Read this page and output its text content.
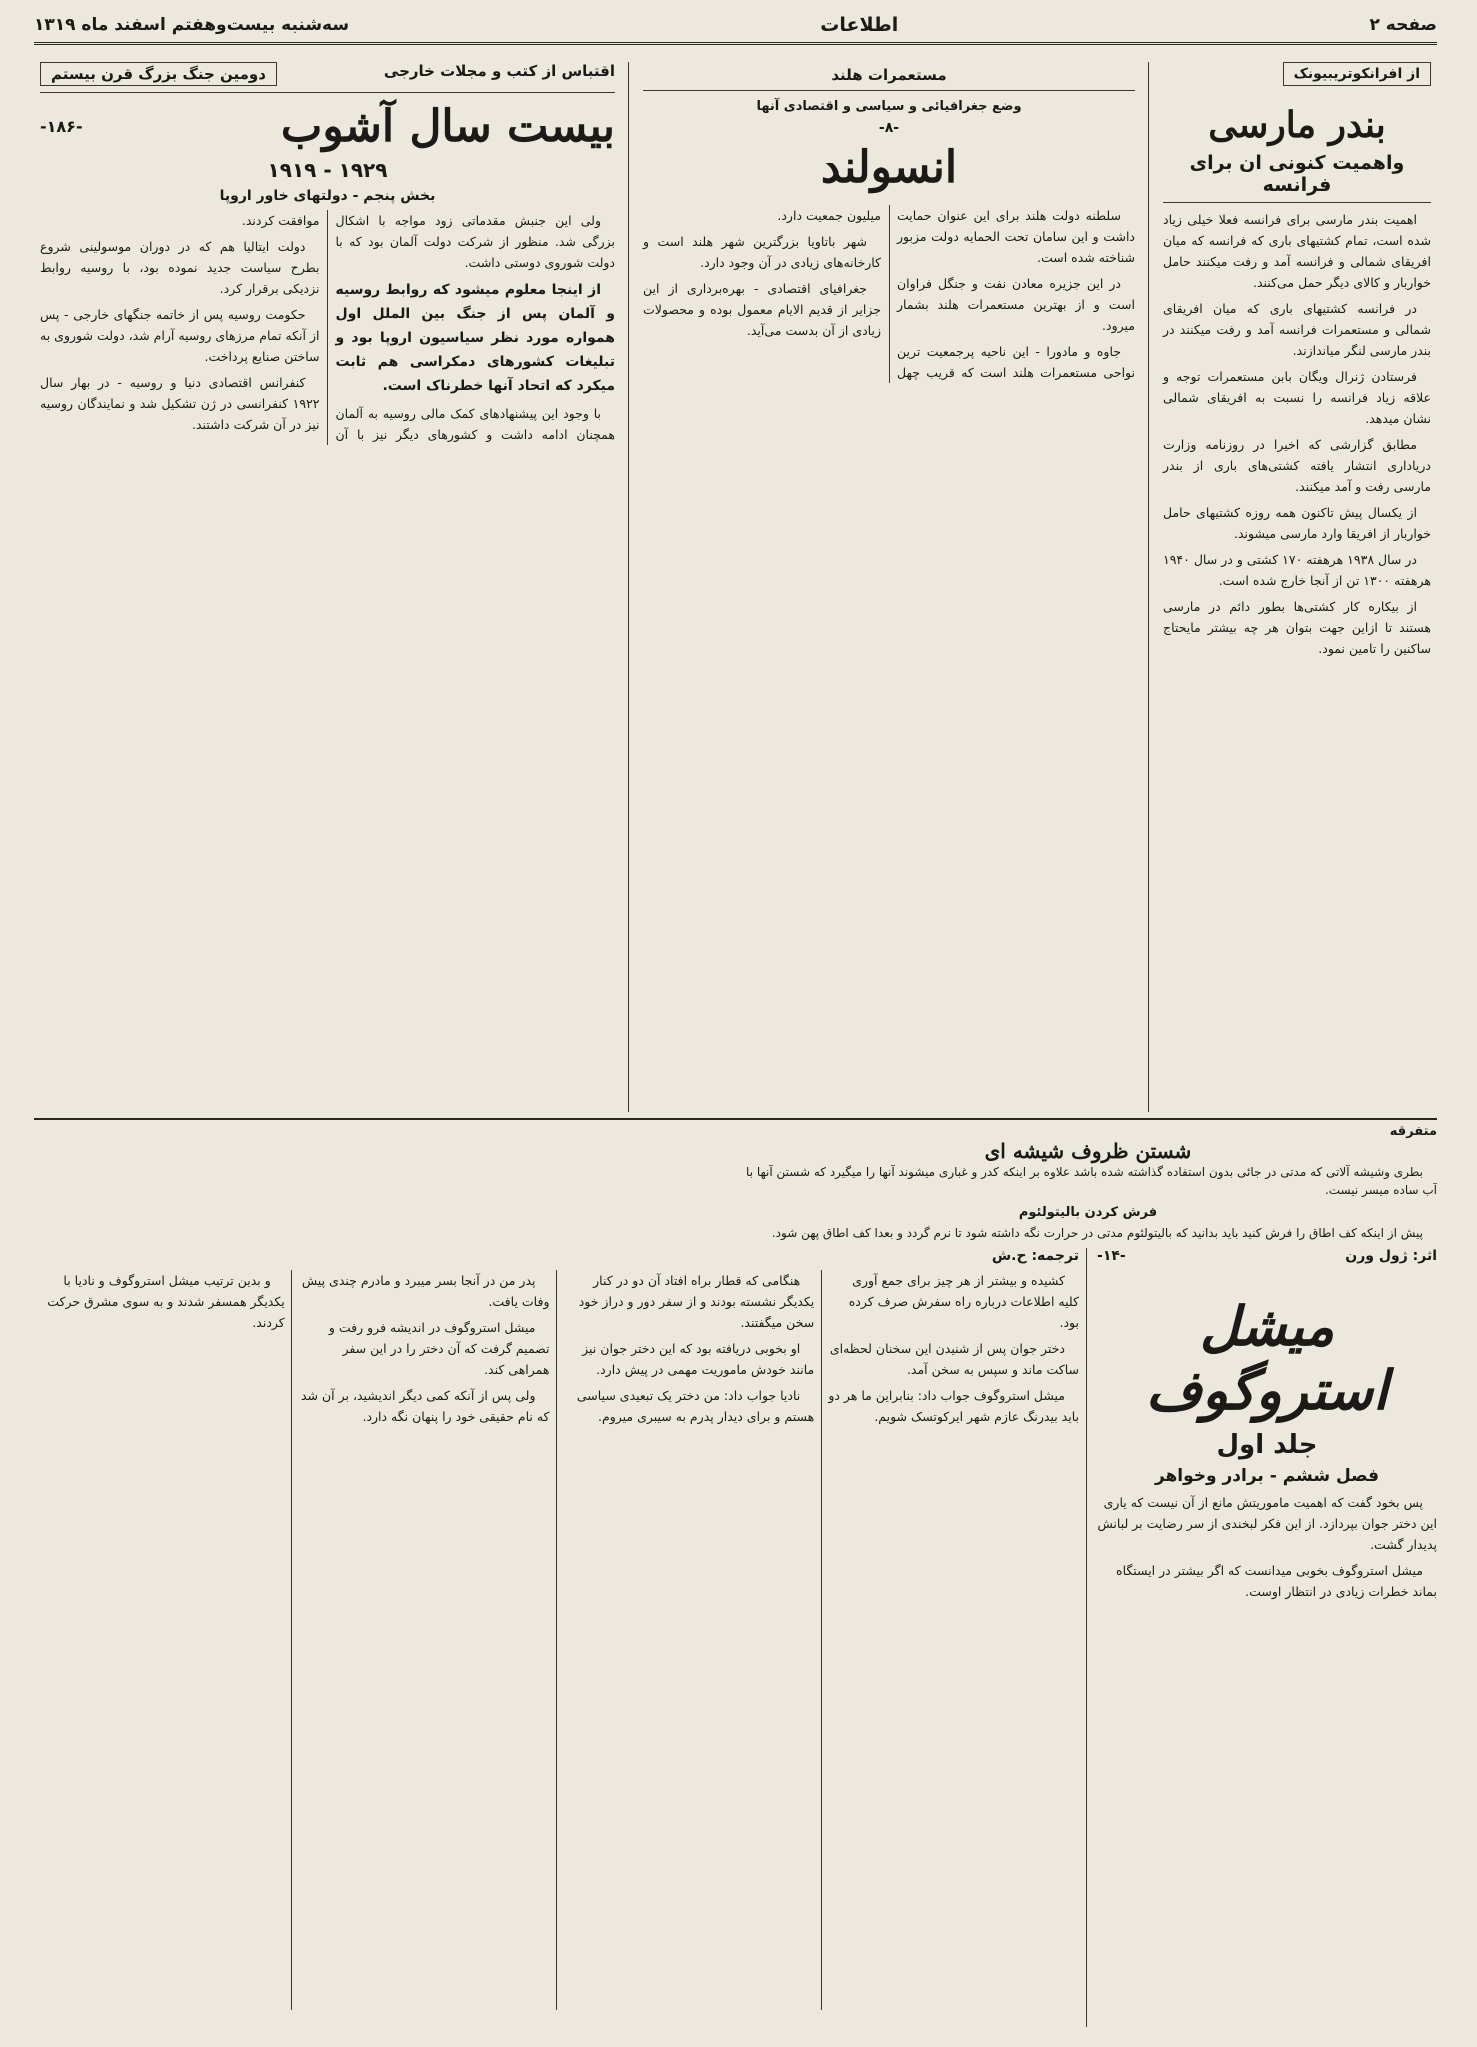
سه‌شنبه بیست‌وهفتم اسفند ماه ۱۳۱۹	اطلاعات	صفحه ۲
از افرانکوتریبیونک
بندر مارسی
واهمیت کنونی ان برای فرانسه

اهمیت بندر مارسی برای فرانسه فعلا خیلی زیاد شده است، تمام کشتیهای باری که فرانسه که میان افریقای شمالی و فرانسه آمد و رفت میکنند حامل خواربار و کالای دیگر حمل می‌کنند.

در فرانسه کشتیهای باری که میان افریقای شمالی و مستعمرات فرانسه آمد و رفت میکنند در بندر مارسی لنگر میاندازند.

فرستادن ژنرال ویگان بابن مستعمرات توجه و علاقه زیاد فرانسه را نسبت به افریقای شمالی نشان میدهد.

مطابق گزارشی که اخیرا در روزنامه وزارت دریاداری انتشار یافته کشتی‌های باری از بندر مارسی رفت و آمد میکنند.

از یکسال پیش تاکنون همه روزه کشتیهای حامل خواربار از افریقا وارد مارسی میشوند.

در سال ۱۹۳۸ هرهفته ۱۷۰ کشتی و در سال ۱۹۴۰ هرهفته ۱۳۰۰ تن از آنجا خارج شده است.

از بیکاره کار کشتی‌ها بطور دائم در مارسی هستند تا ازاین جهت بتوان هر چه بیشتر مایحتاج ساکنین را تامین نمود.

مستعمرات هلند
وضع جغرافیائی و سیاسی و اقتصادی آنها
-۸-
انسولند

سلطنه دولت هلند برای این عنوان حمایت داشت و این سامان تحت الحمایه دولت مزبور شناخته شده است.

در این جزیره معادن نفت و جنگل فراوان است و از بهترین مستعمرات هلند بشمار میرود.

جاوه و مادورا - این ناحیه پرجمعیت ترین نواحی مستعمرات هلند است که قریب چهل میلیون جمعیت دارد.

شهر باتاویا بزرگترین شهر هلند است و کارخانه‌های زیادی در آن وجود دارد.

جغرافیای اقتصادی - بهره‌برداری از این جزایر از قدیم الایام معمول بوده و محصولات زیادی از آن بدست می‌آید.

اقتباس از کتب و مجلات خارجی
دومین جنگ بزرگ قرن بیستم
بیست سال آشوب
-۱۸۶-
۱۹۲۹ - ۱۹۱۹
بخش پنجم - دولتهای خاور اروپا

ولی این جنبش مقدماتی زود مواجه با اشکال بزرگی شد. منظور از شرکت دولت آلمان بود که با دولت شوروی دوستی داشت.

از اینجا معلوم میشود که روابط روسیه و آلمان پس از جنگ بین الملل اول همواره مورد نظر سیاسیون اروپا بود و تبلیغات کشورهای دمکراسی هم ثابت میکرد که اتحاد آنها خطرناک است.

با وجود این پیشنهادهای کمک مالی روسیه به آلمان همچنان ادامه داشت و کشورهای دیگر نیز با آن موافقت کردند.

دولت ایتالیا هم که در دوران موسولینی شروع بطرح سیاست جدید نموده بود، با روسیه روابط نزدیکی برقرار کرد.

حکومت روسیه پس از خاتمه جنگهای خارجی - پس از آنکه تمام مرزهای روسیه آرام شد، دولت شوروی به ساختن صنایع پرداخت.

کنفرانس اقتصادی دنیا و روسیه - در بهار سال ۱۹۲۲ کنفرانسی در ژن تشکیل شد و نمایندگان روسیه نیز در آن شرکت داشتند.

متفرقه
شستن ظروف شیشه ای

بطری وشیشه آلاتی که مدتی در جائی بدون استفاده گذاشته شده باشد علاوه بر اینکه کدر و غباری میشوند آنها را میگیرد که شستن آنها با آب ساده میسر نیست.

فرش کردن بالیتولئوم

پیش از اینکه کف اطاق را فرش کنید باید بدانید که بالیتولئوم مدتی در حرارت نگه داشته شود تا نرم گردد و بعدا کف اطاق پهن شود.

اثر: ژول ورن
-۱۴-
میشل استروگوف
جلد اول
فصل ششم - برادر وخواهر

پس بخود گفت که اهمیت ماموریتش مانع از آن نیست که یاری این دختر جوان بپردازد. از این فکر لبخندی از سر رضایت بر لبانش پدیدار گشت.

میشل استروگوف بخوبی میدانست که اگر بیشتر در ایستگاه بماند خطرات زیادی در انتظار اوست.

ترجمه: ح.ش

کشیده و بیشتر از هر چیز برای جمع آوری کلیه اطلاعات درباره راه سفرش صرف کرده بود.

دختر جوان پس از شنیدن این سخنان لحظه‌ای ساکت ماند و سپس به سخن آمد.

میشل استروگوف جواب داد: بنابراین ما هر دو باید بیدرنگ عازم شهر ایرکوتسک شویم.

هنگامی که قطار براه افتاد آن دو در کنار یکدیگر نشسته بودند و از سفر دور و دراز خود سخن میگفتند.

او بخوبی دریافته بود که این دختر جوان نیز مانند خودش ماموریت مهمی در پیش دارد.

نادیا جواب داد: من دختر یک تبعیدی سیاسی هستم و برای دیدار پدرم به سیبری میروم.

پدر من در آنجا بسر میبرد و مادرم چندی پیش وفات یافت.

میشل استروگوف در اندیشه فرو رفت و تصمیم گرفت که آن دختر را در این سفر همراهی کند.

ولی پس از آنکه کمی دیگر اندیشید، بر آن شد که نام حقیقی خود را پنهان نگه دارد.

و بدین ترتیب میشل استروگوف و نادیا با یکدیگر همسفر شدند و به سوی مشرق حرکت کردند.
